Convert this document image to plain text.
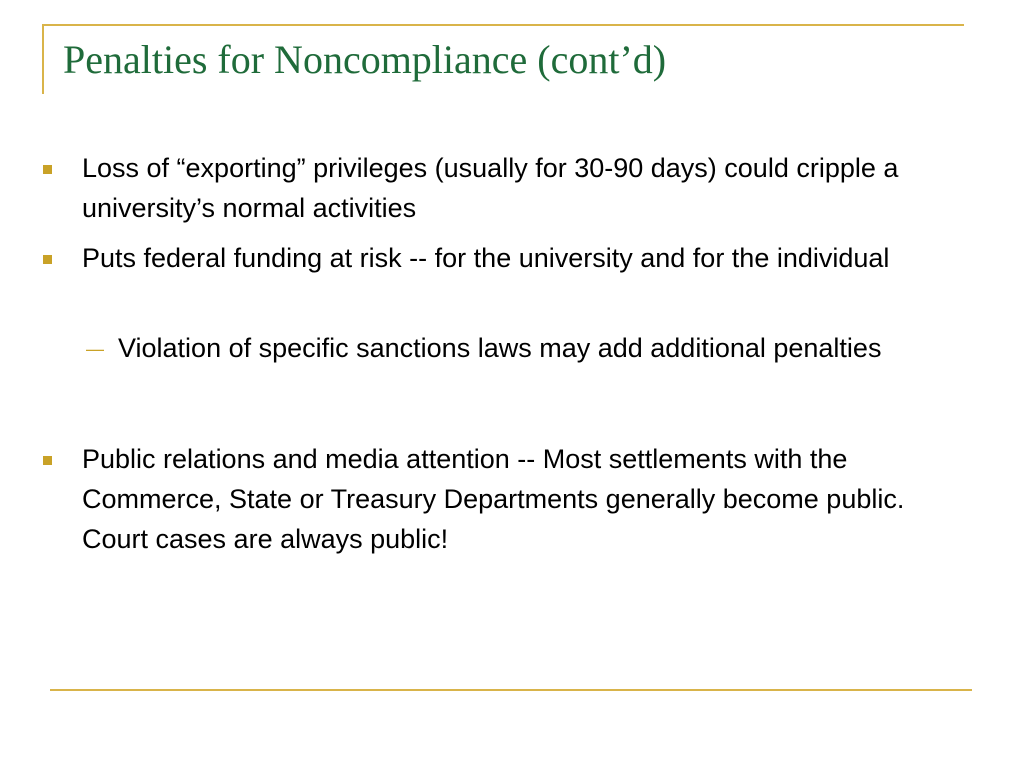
Penalties for Noncompliance (cont’d)
Loss of “exporting” privileges (usually for 30-90 days) could cripple a university’s normal activities
Puts federal funding at risk -- for the university and for the individual
— Violation of specific sanctions laws may add additional penalties
Public relations and media attention -- Most settlements with the Commerce, State or Treasury Departments generally become public. Court cases are always public!
